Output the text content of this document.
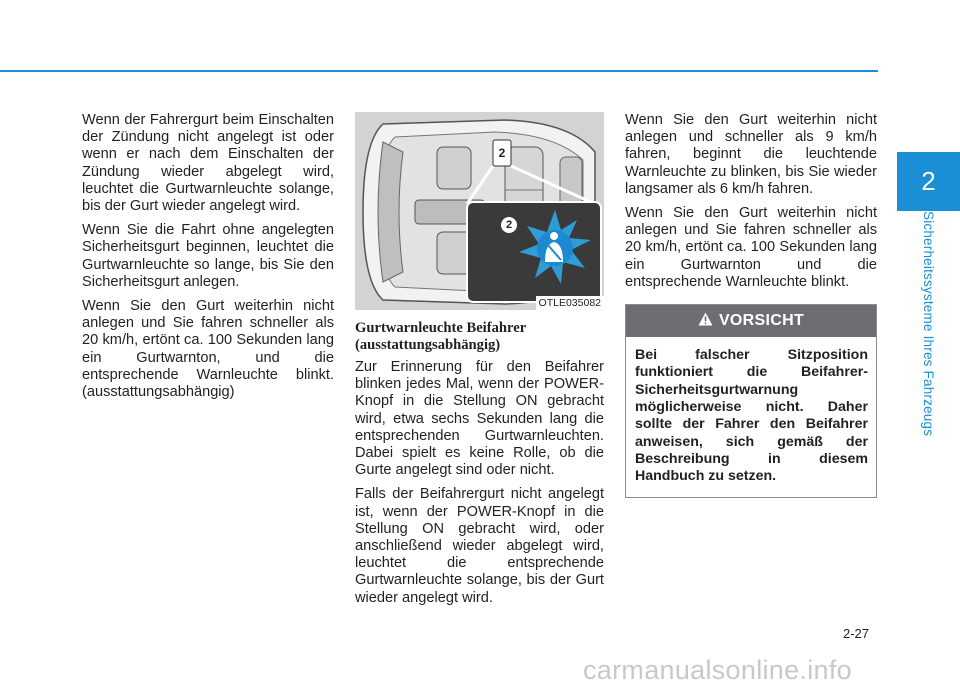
2
Sicherheitssysteme Ihres Fahrzeugs

Wenn der Fahrergurt beim Einschalten der Zündung nicht angelegt ist oder wenn er nach dem Einschalten der Zündung wieder abgelegt wird, leuchtet die Gurtwarnleuchte solange, bis der Gurt wieder angelegt wird.

Wenn Sie die Fahrt ohne angelegten Sicherheitsgurt beginnen, leuchtet die Gurtwarnleuchte so lange, bis Sie den Sicherheitsgurt anlegen.

Wenn Sie den Gurt weiterhin nicht anlegen und Sie fahren schneller als 20 km/h, ertönt ca. 100 Sekunden lang ein Gurtwarnton, und die entsprechende Warnleuchte blinkt. (ausstattungsabhängig)

2
2
OTLE035082
Gurtwarnleuchte Beifahrer (ausstattungsabhängig)

Zur Erinnerung für den Beifahrer blinken jedes Mal, wenn der POWER-Knopf in die Stellung ON gebracht wird, etwa sechs Sekunden lang die entsprechenden Gurtwarnleuchten. Dabei spielt es keine Rolle, ob die Gurte angelegt sind oder nicht.

Falls der Beifahrergurt nicht angelegt ist, wenn der POWER-Knopf in die Stellung ON gebracht wird, oder anschließend wieder abgelegt wird, leuchtet die entsprechende Gurtwarnleuchte solange, bis der Gurt wieder angelegt wird.

Wenn Sie den Gurt weiterhin nicht anlegen und schneller als 9 km/h fahren, beginnt die leuchtende Warnleuchte zu blinken, bis Sie wieder langsamer als 6 km/h fahren.

Wenn Sie den Gurt weiterhin nicht anlegen und Sie fahren schneller als 20 km/h, ertönt ca. 100 Sekunden lang ein Gurtwarnton und die entsprechende Warnleuchte blinkt.

VORSICHT
Bei falscher Sitzposition funktioniert die Beifahrer-Sicherheitsgurtwarnung möglicherweise nicht. Daher sollte der Fahrer den Beifahrer anweisen, sich gemäß der Beschreibung in diesem Handbuch zu setzen.
2-27
carmanualsonline.info
